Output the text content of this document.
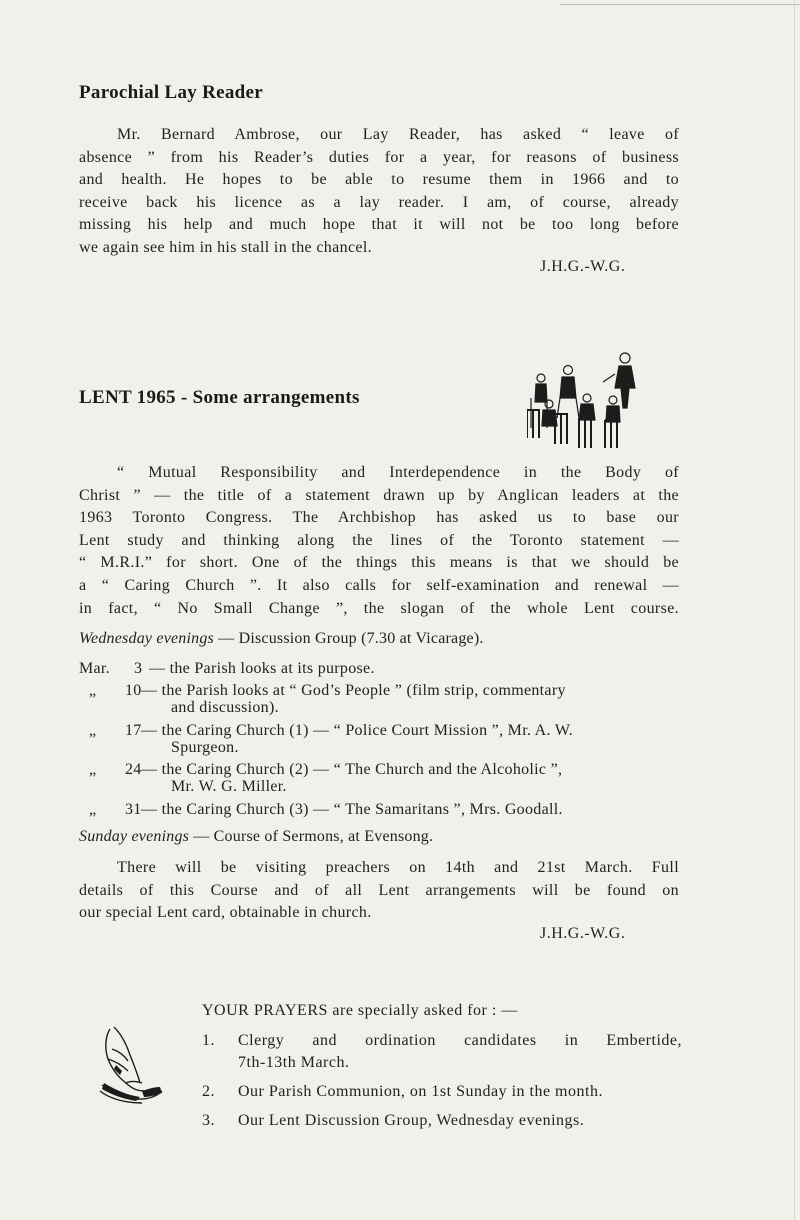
Parochial Lay Reader
Mr. Bernard Ambrose, our Lay Reader, has asked “ leave of
absence ” from his Reader’s duties for a year, for reasons of business
and health. He hopes to be able to resume them in 1966 and to
receive back his licence as a lay reader. I am, of course, already
missing his help and much hope that it will not be too long before
we again see him in his stall in the chancel.
J.H.G.-W.G.
LENT 1965 - Some arrangements
“ Mutual Responsibility and Interdependence in the Body of
Christ ” — the title of a statement drawn up by Anglican leaders at the
1963 Toronto Congress. The Archbishop has asked us to base our
Lent study and thinking along the lines of the Toronto statement —
“ M.R.I.” for short. One of the things this means is that we should be
a “ Caring Church ”. It also calls for self-examination and renewal —
in fact, “ No Small Change ”, the slogan of the whole Lent course.
Wednesday evenings — Discussion Group (7.30 at Vicarage).
Mar.	3 — the Parish looks at its purpose.
„	10 — the Parish looks at “ God’s People ” (film strip, commentary
and discussion).
„	17 — the Caring Church (1) — “ Police Court Mission ”, Mr. A. W.
Spurgeon.
„	24 — the Caring Church (2) — “ The Church and the Alcoholic ”,
Mr. W. G. Miller.
„	31 — the Caring Church (3) — “ The Samaritans ”, Mrs. Goodall.
Sunday evenings — Course of Sermons, at Evensong.
There will be visiting preachers on 14th and 21st March. Full
details of this Course and of all Lent arrangements will be found on
our special Lent card, obtainable in church.
J.H.G.-W.G.
YOUR PRAYERS are specially asked for : —
1. Clergy and ordination candidates in Embertide,
7th-13th March.
2. Our Parish Communion, on 1st Sunday in the month.
3. Our Lent Discussion Group, Wednesday evenings.
